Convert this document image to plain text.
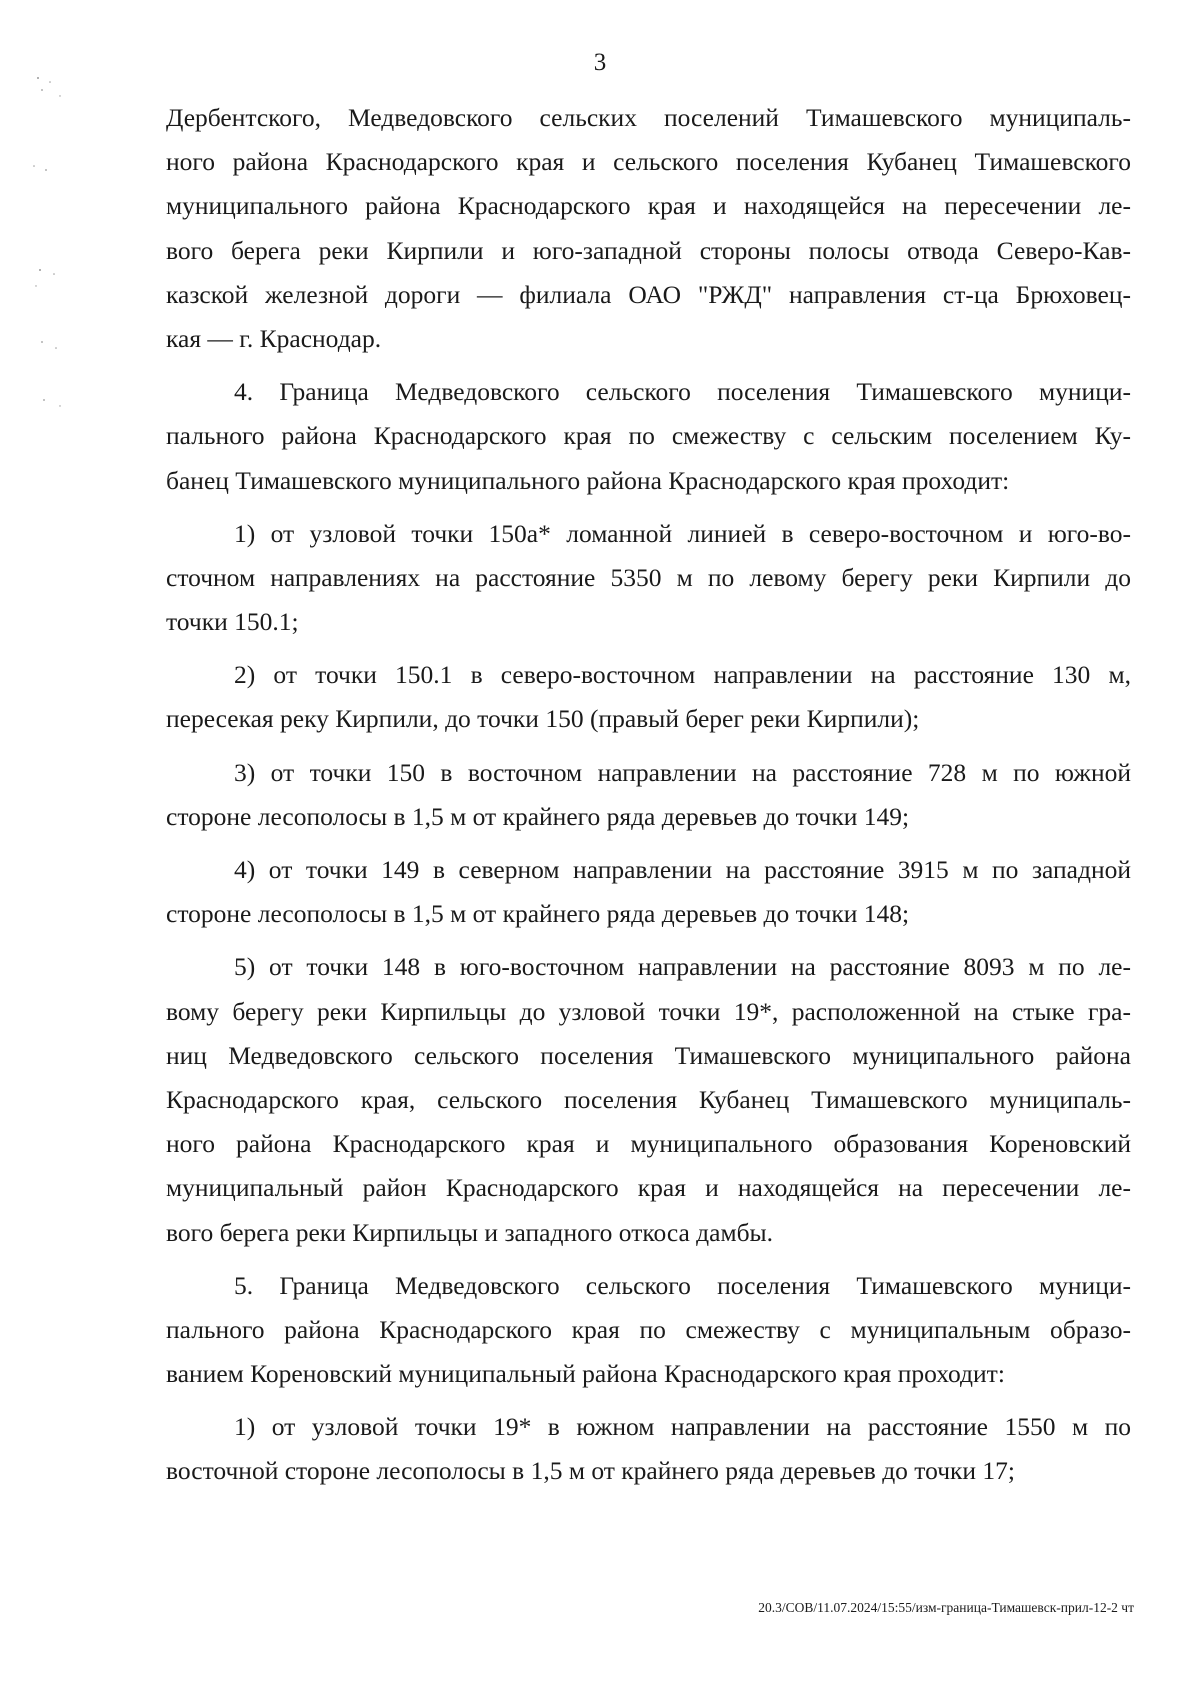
3
Дербентского, Медведовского сельских поселений Тимашевского муниципаль-
ного района Краснодарского края и сельского поселения Кубанец Тимашевского
муниципального района Краснодарского края и находящейся на пересечении ле-
вого берега реки Кирпили и юго-западной стороны полосы отвода Северо-Кав-
казской железной дороги — филиала ОАО "РЖД" направления ст-ца Брюховец-
кая — г. Краснодар.
4. Граница Медведовского сельского поселения Тимашевского муници-
пального района Краснодарского края по смежеству с сельским поселением Ку-
банец Тимашевского муниципального района Краснодарского края проходит:
1) от узловой точки 150а* ломанной линией в северо-восточном и юго-во-
сточном направлениях на расстояние 5350 м по левому берегу реки Кирпили до
точки 150.1;
2) от точки 150.1 в северо-восточном направлении на расстояние 130 м,
пересекая реку Кирпили, до точки 150 (правый берег реки Кирпили);
3) от точки 150 в восточном направлении на расстояние 728 м по южной
стороне лесополосы в 1,5 м от крайнего ряда деревьев до точки 149;
4) от точки 149 в северном направлении на расстояние 3915 м по западной
стороне лесополосы в 1,5 м от крайнего ряда деревьев до точки 148;
5) от точки 148 в юго-восточном направлении на расстояние 8093 м по ле-
вому берегу реки Кирпильцы до узловой точки 19*, расположенной на стыке гра-
ниц Медведовского сельского поселения Тимашевского муниципального района
Краснодарского края, сельского поселения Кубанец Тимашевского муниципаль-
ного района Краснодарского края и муниципального образования Кореновский
муниципальный район Краснодарского края и находящейся на пересечении ле-
вого берега реки Кирпильцы и западного откоса дамбы.
5. Граница Медведовского сельского поселения Тимашевского муници-
пального района Краснодарского края по смежеству с муниципальным образо-
ванием Кореновский муниципальный района Краснодарского края проходит:
1) от узловой точки 19* в южном направлении на расстояние 1550 м по
восточной стороне лесополосы в 1,5 м от крайнего ряда деревьев до точки 17;
20.3/СОВ/11.07.2024/15:55/изм-граница-Тимашевск-прил-12-2 чт
